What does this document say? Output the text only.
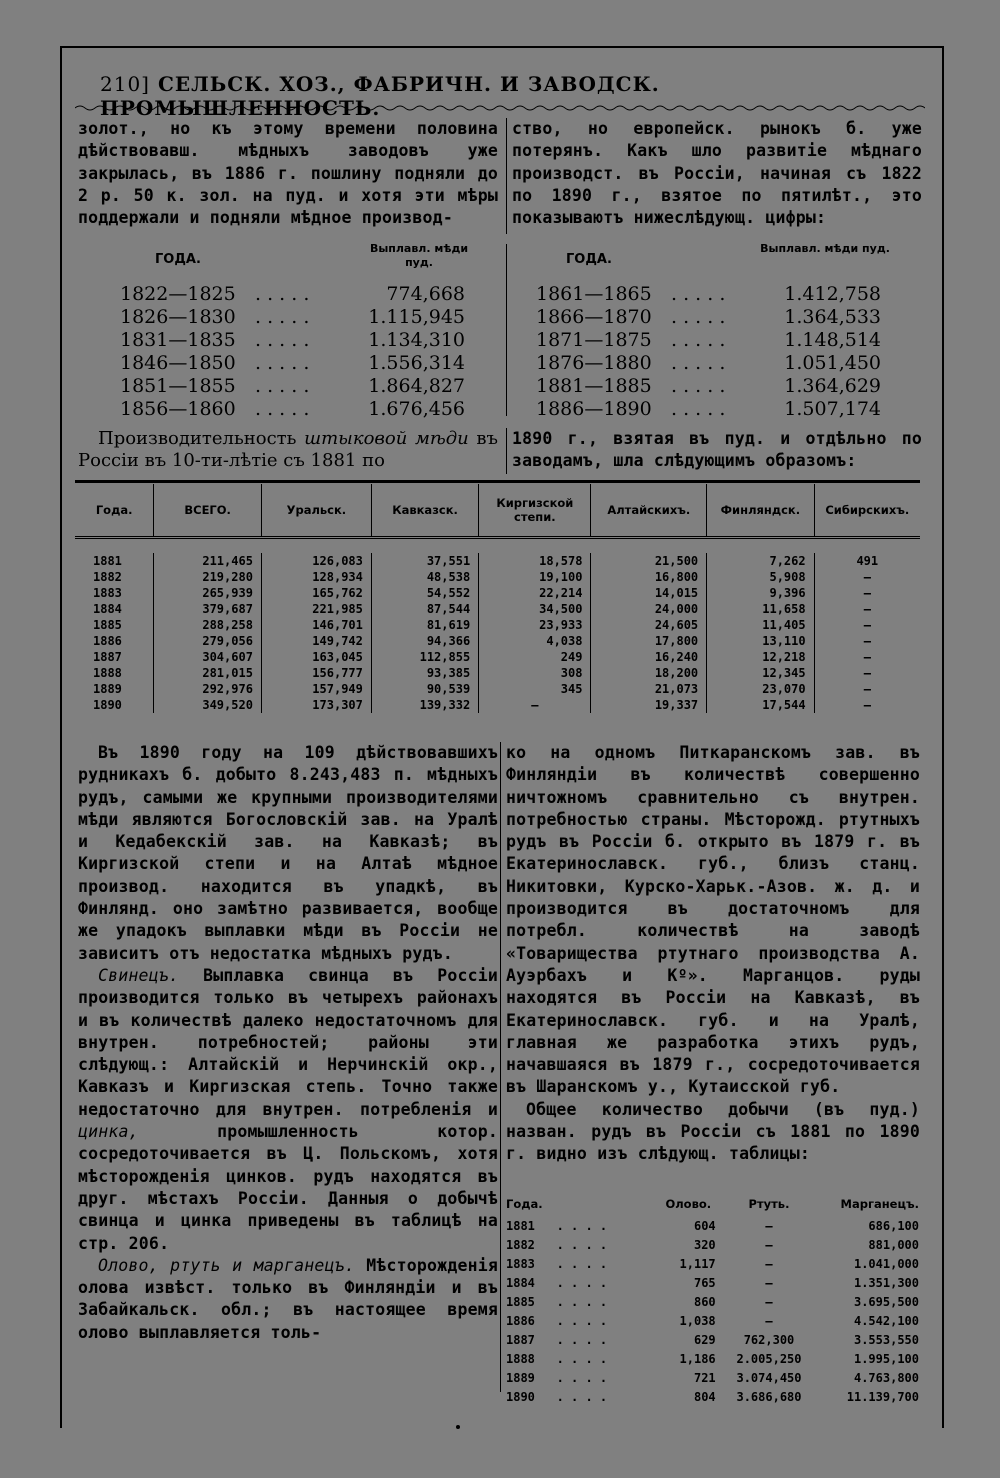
210] СЕЛЬСК. ХОЗ., ФАБРИЧН. И ЗАВОДСК. ПРОМЫШЛЕННОСТЬ.

золот., но къ этому времени половина дѣйствовавш. мѣдныхъ заводовъ уже закрылась, въ 1886 г. пошлину подняли до 2 р. 50 к. зол. на пуд. и хотя эти мѣры поддержали и подняли мѣдное производ-

ство, но европейск. рынокъ б. уже потерянъ. Какъ шло развитіе мѣднаго производст. въ Россіи, начиная съ 1822 по 1890 г., взятое по пятилѣт., это показываютъ нижеслѣдующ. цифры:

ГОДА.
Выплавл. мѣди пуд.
1822—1825	. . . . .	774,668
1826—1830	. . . . .	1.115,945
1831—1835	. . . . .	1.134,310
1846—1850	. . . . .	1.556,314
1851—1855	. . . . .	1.864,827
1856—1860	. . . . .	1.676,456
ГОДА.
Выплавл. мѣди пуд.
1861—1865	. . . . .	1.412,758
1866—1870	. . . . .	1.364,533
1871—1875	. . . . .	1.148,514
1876—1880	. . . . .	1.051,450
1881—1885	. . . . .	1.364,629
1886—1890	. . . . .	1.507,174

Производительность штыковой мѣди въ Россіи въ 10-ти-лѣтіе съ 1881 по

1890 г., взятая въ пуд. и отдѣльно по заводамъ, шла слѣдующимъ образомъ:

Года.	ВСЕГО.	Уральск.	Кавказск.	Киргизской степи.	Алтайскихъ.	Финляндск.	Сибирскихъ.

1881	211,465	126,083	37,551	18,578	21,500	7,262	491
1882	219,280	128,934	48,538	19,100	16,800	5,908	—
1883	265,939	165,762	54,552	22,214	14,015	9,396	—
1884	379,687	221,985	87,544	34,500	24,000	11,658	—
1885	288,258	146,701	81,619	23,933	24,605	11,405	—
1886	279,056	149,742	94,366	4,038	17,800	13,110	—
1887	304,607	163,045	112,855	249	16,240	12,218	—
1888	281,015	156,777	93,385	308	18,200	12,345	—
1889	292,976	157,949	90,539	345	21,073	23,070	—
1890	349,520	173,307	139,332	—	19,337	17,544	—

Въ 1890 году на 109 дѣйствовавшихъ рудникахъ б. добыто 8.243,483 п. мѣдныхъ рудъ, самыми же крупными производителями мѣди являются Богословскій зав. на Уралѣ и Кедабекскій зав. на Кавказѣ; въ Киргизской степи и на Алтаѣ мѣдное производ. находится въ упадкѣ, въ Финлянд. оно замѣтно развивается, вообще же упадокъ выплавки мѣди въ Россіи не зависитъ отъ недостатка мѣдныхъ рудъ.

Свинецъ. Выплавка свинца въ Россіи производится только въ четырехъ районахъ и въ количествѣ далеко недостаточномъ для внутрен. потребностей; районы эти слѣдующ.: Алтайскій и Нерчинскій окр., Кавказъ и Киргизская степь. Точно также недостаточно для внутрен. потребленія и цинка, промышленность котор. сосредоточивается въ Ц. Польскомъ, хотя мѣсторожденія цинков. рудъ находятся въ друг. мѣстахъ Россіи. Данныя о добычѣ свинца и цинка приведены въ таблицѣ на стр. 206.

Олово, ртуть и марганецъ. Мѣсторожденія олова извѣст. только въ Финляндіи и въ Забайкальск. обл.; въ настоящее время олово выплавляется толь-

ко на одномъ Питкарaнскомъ зав. въ Финляндіи въ количествѣ совершенно ничтожномъ сравнительно съ внутрен. потребностью страны. Мѣсторожд. ртутныхъ рудъ въ Россіи б. открыто въ 1879 г. въ Екатеринославск. губ., близъ станц. Никитовки, Курско-Харьк.-Азов. ж. д. и производится въ достаточномъ для потребл. количествѣ на заводѣ «Товарищества ртутнаго производства А. Ауэрбахъ и Кº». Марганцов. руды находятся въ Россіи на Кавказѣ, въ Екатеринославск. губ. и на Уралѣ, главная же разработка этихъ рудъ, начавшаяся въ 1879 г., сосредоточивается въ Шаранскомъ у., Кутаисской губ.

Общее количество добычи (въ пуд.) назван. рудъ въ Россіи съ 1881 по 1890 г. видно изъ слѣдующ. таблицы:

Года.	Олово.	Ртуть.	Марганецъ.
1881   . . . .	604	—	686,100
1882   . . . .	320	—	881,000
1883   . . . .	1,117	—	1.041,000
1884   . . . .	765	—	1.351,300
1885   . . . .	860	—	3.695,500
1886   . . . .	1,038	—	4.542,100
1887   . . . .	629	762,300	3.553,550
1888   . . . .	1,186	2.005,250	1.995,100
1889   . . . .	721	3.074,450	4.763,800
1890   . . . .	804	3.686,680	11.139,700
